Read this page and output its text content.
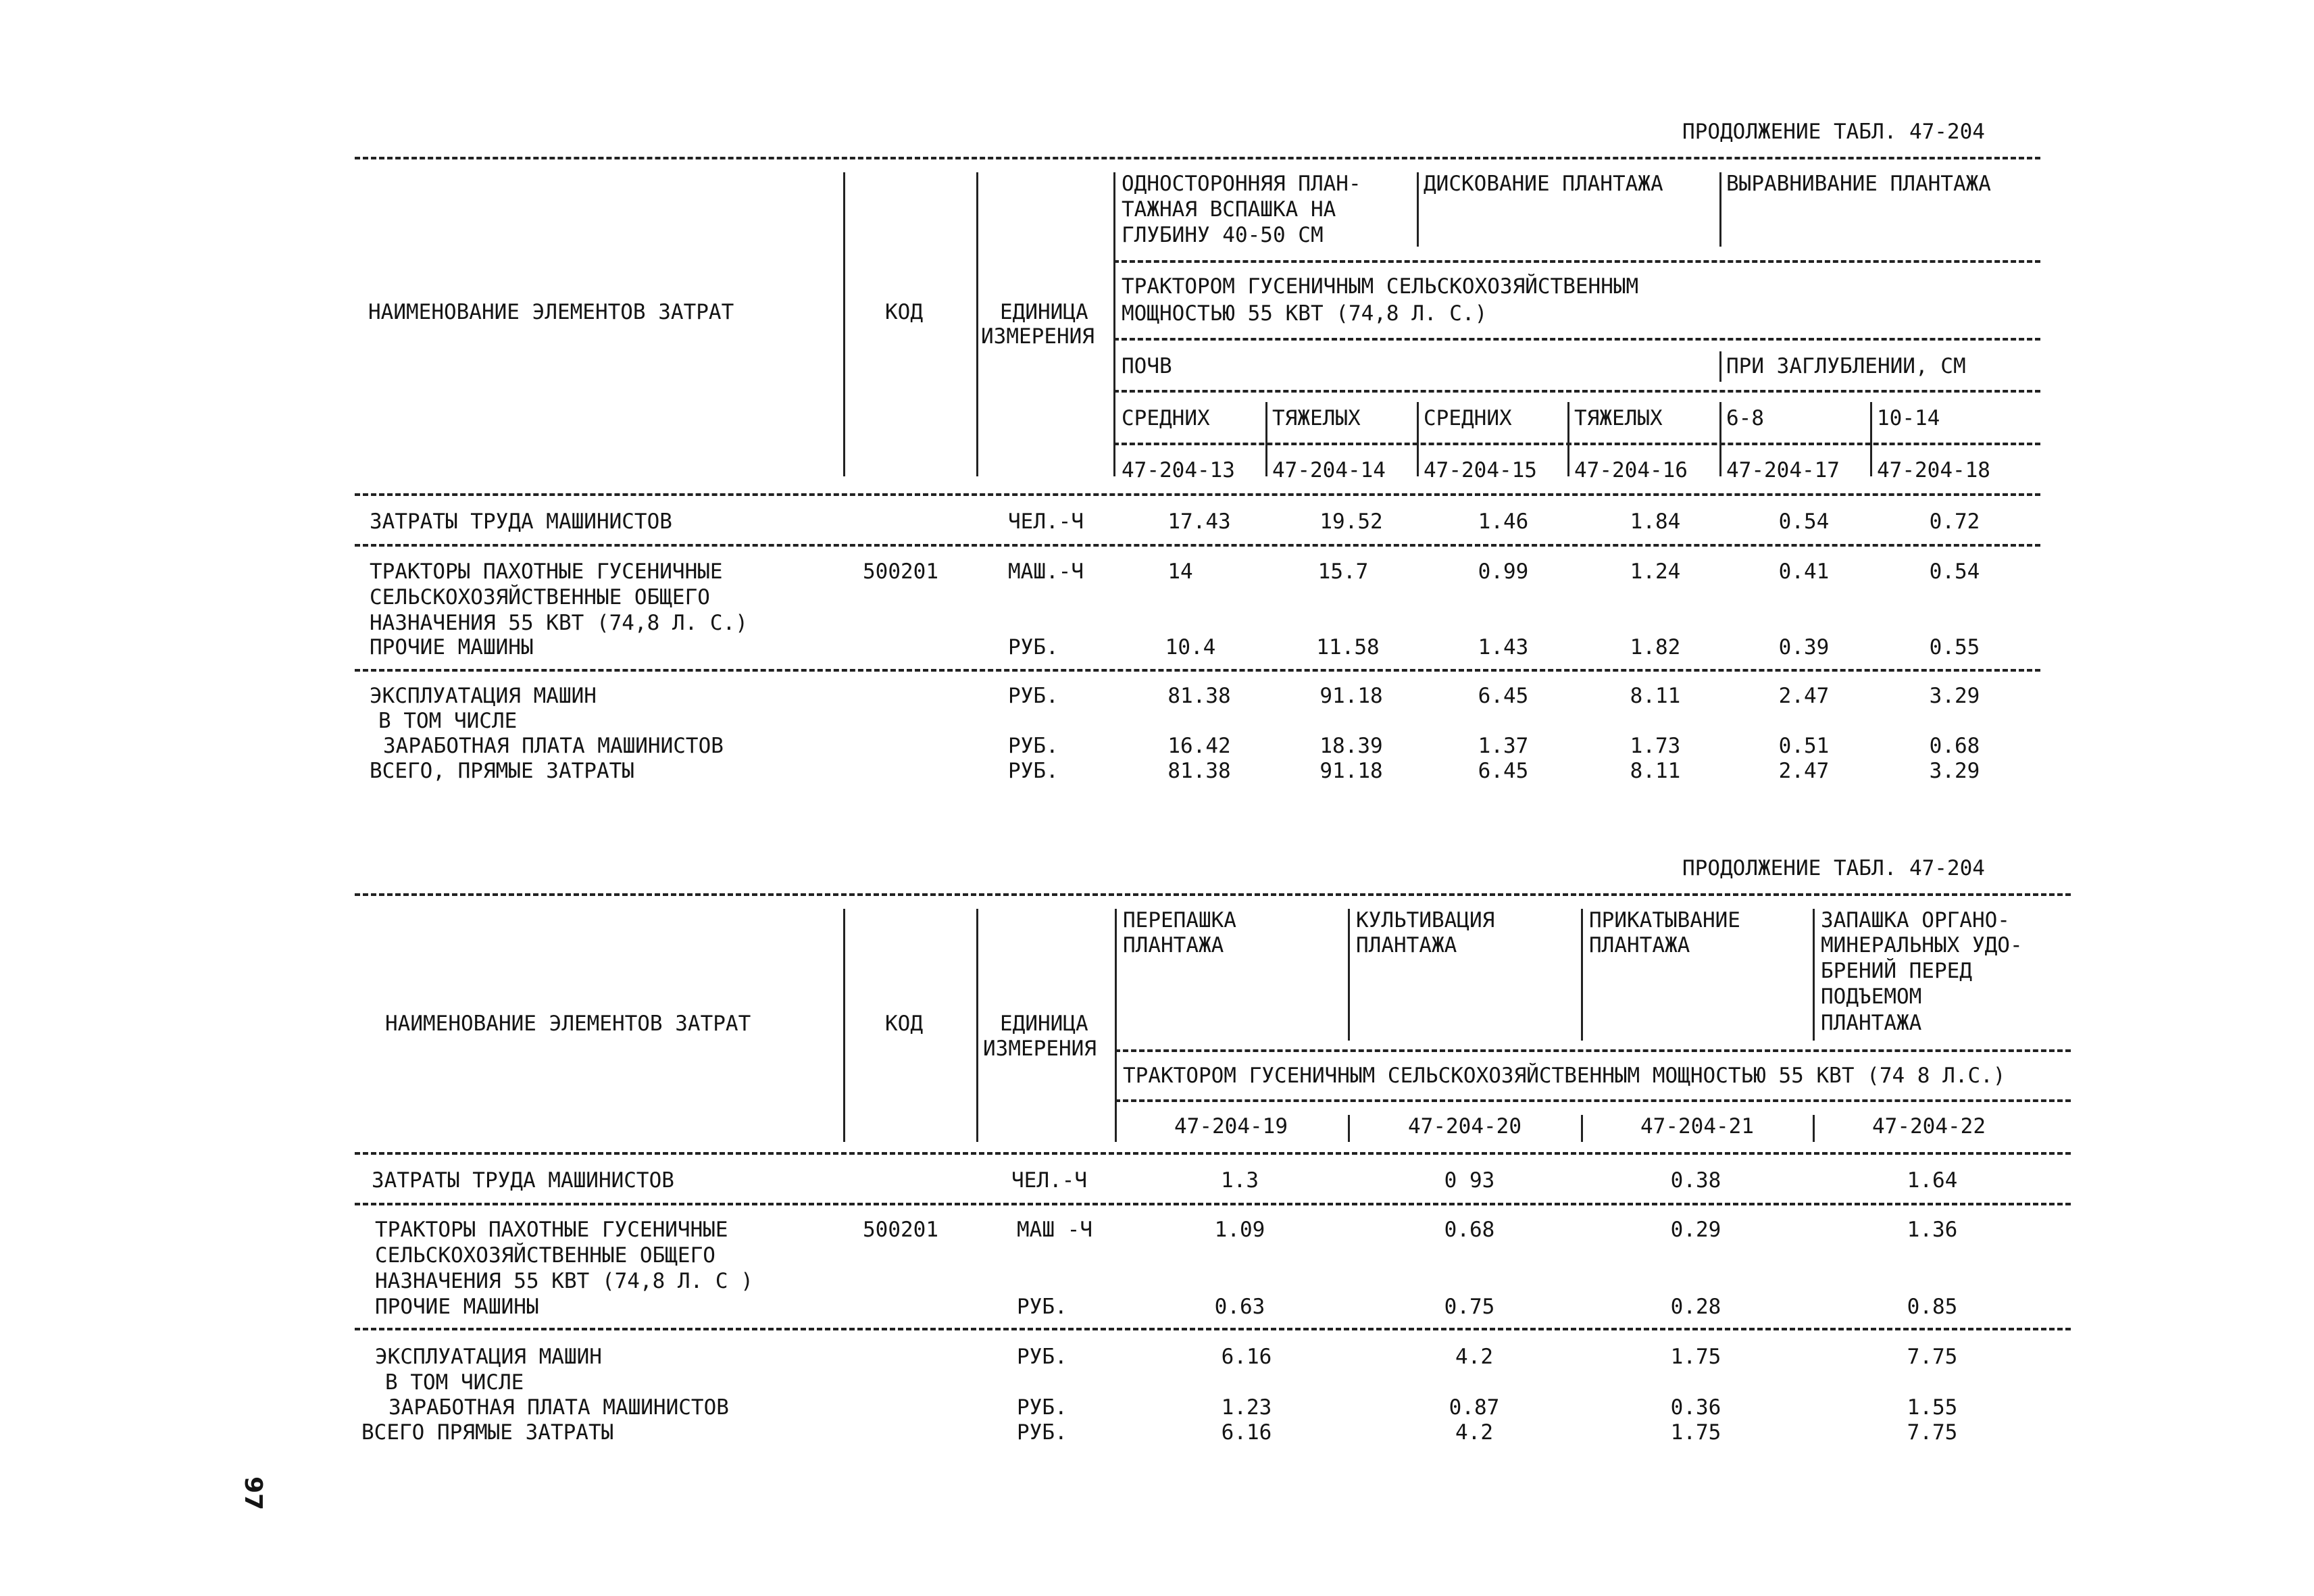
ПРОДОЛЖЕНИЕ ТАБЛ. 47-204
НАИМЕНОВАНИЕ ЭЛЕМЕНТОВ ЗАТРАТ	КОД	ЕДИНИЦА
ИЗМЕРЕНИЯ
ОДНОСТОРОННЯЯ ПЛАН-
ТАЖНАЯ ВСПАШКА НА
ГЛУБИНУ 40-50 СМ
ДИСКОВАНИЕ ПЛАНТАЖА	ВЫРАВНИВАНИЕ ПЛАНТАЖА
ТРАКТОРОМ ГУСЕНИЧНЫМ СЕЛЬСКОХОЗЯЙСТВЕННЫМ
МОЩНОСТЬЮ 55 КВТ (74,8 Л. С.)
ПОЧВ	ПРИ ЗАГЛУБЛЕНИИ, СМ
СРЕДНИХ	ТЯЖЕЛЫХ	СРЕДНИХ	ТЯЖЕЛЫХ	6-8	10-14
47-204-13 47-204-14 47-204-15 47-204-16 47-204-17 47-204-18
ЗАТРАТЫ ТРУДА МАШИНИСТОВ	ЧЕЛ.-Ч	17.43	19.52	1.46	1.84	0.54	0.72
ТРАКТОРЫ ПАХОТНЫЕ ГУСЕНИЧНЫЕ
СЕЛЬСКОХОЗЯЙСТВЕННЫЕ ОБЩЕГО
НАЗНАЧЕНИЯ 55 КВТ (74,8 Л. С.)
500201	МАШ.-Ч	14	15.7	0.99	1.24	0.41	0.54
ПРОЧИЕ МАШИНЫ	РУБ.	10.4	11.58	1.43	1.82	0.39	0.55
ЭКСПЛУАТАЦИЯ МАШИН	РУБ.	81.38	91.18	6.45	8.11	2.47	3.29
В ТОМ ЧИСЛЕ
ЗАРАБОТНАЯ ПЛАТА МАШИНИСТОВ	РУБ.	16.42	18.39	1.37	1.73	0.51	0.68
ВСЕГО, ПРЯМЫЕ ЗАТРАТЫ	РУБ.	81.38	91.18	6.45	8.11	2.47	3.29
ПРОДОЛЖЕНИЕ ТАБЛ. 47-204
НАИМЕНОВАНИЕ ЭЛЕМЕНТОВ ЗАТРАТ	КОД	ЕДИНИЦА
ИЗМЕРЕНИЯ
ПЕРЕПАШКА
ПЛАНТАЖА
КУЛЬТИВАЦИЯ
ПЛАНТАЖА
ПРИКАТЫВАНИЕ
ПЛАНТАЖА
ЗАПАШКА ОРГАНО-
МИНЕРАЛЬНЫХ УДО-
БРЕНИЙ ПЕРЕД
ПОДЪЕМОМ
ПЛАНТАЖА
ТРАКТОРОМ ГУСЕНИЧНЫМ СЕЛЬСКОХОЗЯЙСТВЕННЫМ МОЩНОСТЬЮ 55 КВТ (74 8 Л.С.)
47-204-19	47-204-20	47-204-21	47-204-22
ЗАТРАТЫ ТРУДА МАШИНИСТОВ	ЧЕЛ.-Ч	1.3	0 93	0.38	1.64
ТРАКТОРЫ ПАХОТНЫЕ ГУСЕНИЧНЫЕ
СЕЛЬСКОХОЗЯЙСТВЕННЫЕ ОБЩЕГО
НАЗНАЧЕНИЯ 55 КВТ (74,8 Л. С )
500201	МАШ -Ч	1.09	0.68	0.29	1.36
ПРОЧИЕ МАШИНЫ	РУБ.	0.63	0.75	0.28	0.85
ЭКСПЛУАТАЦИЯ МАШИН	РУБ.	6.16	4.2	1.75	7.75
В ТОМ ЧИСЛЕ
ЗАРАБОТНАЯ ПЛАТА МАШИНИСТОВ	РУБ.	1.23	0.87	0.36	1.55
ВСЕГО ПРЯМЫЕ ЗАТРАТЫ	РУБ.	6.16	4.2	1.75	7.75
97
